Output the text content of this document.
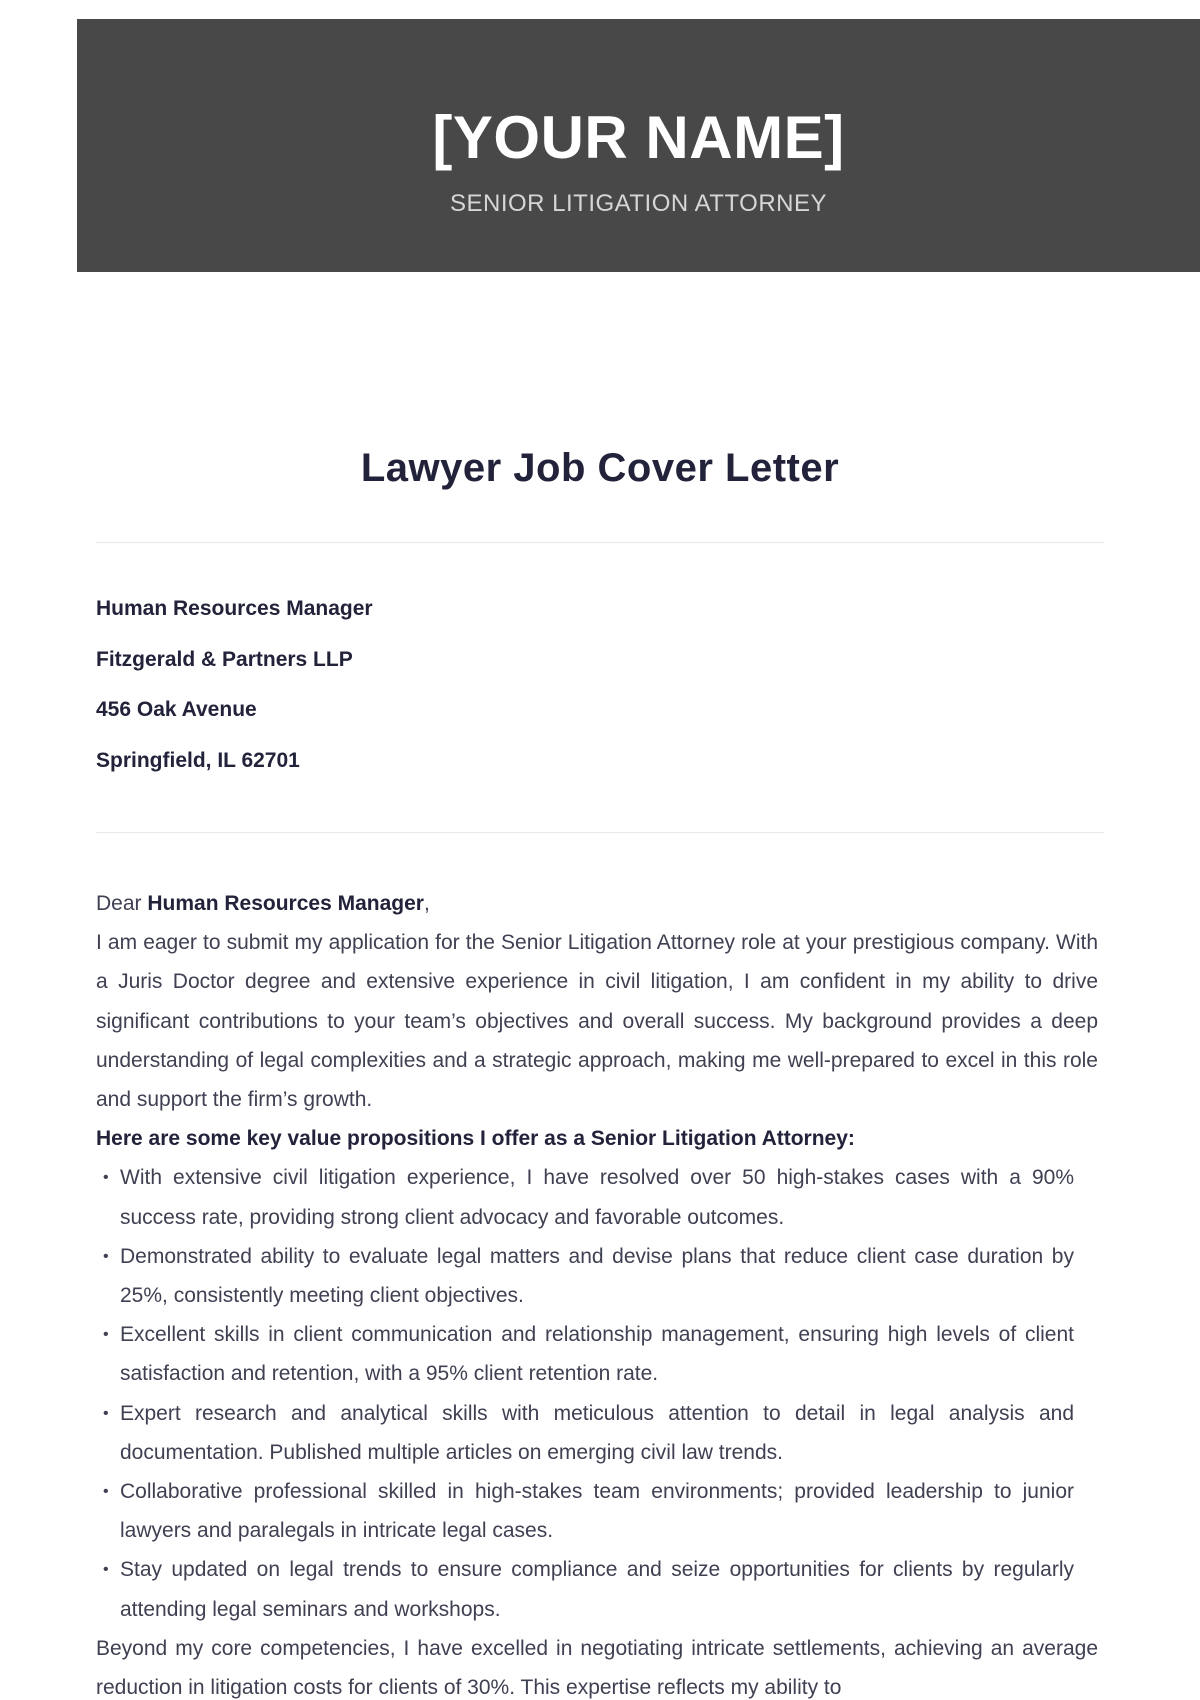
[YOUR NAME]
SENIOR LITIGATION ATTORNEY
Lawyer Job Cover Letter
Human Resources Manager
Fitzgerald & Partners LLP
456 Oak Avenue
Springfield, IL 62701

Dear Human Resources Manager,

I am eager to submit my application for the Senior Litigation Attorney role at your prestigious company. With a Juris Doctor degree and extensive experience in civil litigation, I am confident in my ability to drive significant contributions to your team’s objectives and overall success. My background provides a deep understanding of legal complexities and a strategic approach, making me well-prepared to excel in this role and support the firm’s growth.

Here are some key value propositions I offer as a Senior Litigation Attorney:

• With extensive civil litigation experience, I have resolved over 50 high-stakes cases with a 90% success rate, providing strong client advocacy and favorable outcomes.
• Demonstrated ability to evaluate legal matters and devise plans that reduce client case duration by 25%, consistently meeting client objectives.
• Excellent skills in client communication and relationship management, ensuring high levels of client satisfaction and retention, with a 95% client retention rate.
• Expert research and analytical skills with meticulous attention to detail in legal analysis and documentation. Published multiple articles on emerging civil law trends.
• Collaborative professional skilled in high-stakes team environments; provided leadership to junior lawyers and paralegals in intricate legal cases.
• Stay updated on legal trends to ensure compliance and seize opportunities for clients by regularly attending legal seminars and workshops.

Beyond my core competencies, I have excelled in negotiating intricate settlements, achieving an average reduction in litigation costs for clients of 30%. This expertise reflects my ability to
